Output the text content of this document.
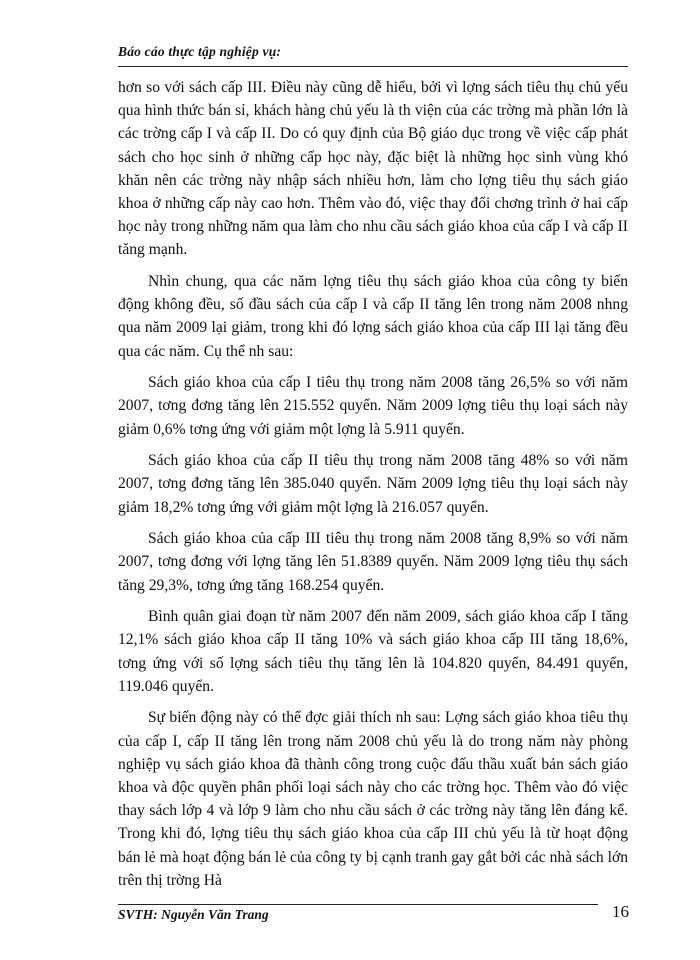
Báo cáo thực tập nghiệp vụ:

hơn so với sách cấp III. Điều này cũng dễ hiểu, bởi vì lợng sách tiêu thụ chủ yếu qua hình thức bán sỉ, khách hàng chủ yếu là th viện của các trờng mà phần lớn là các trờng cấp I và cấp II. Do có quy định của Bộ giáo dục trong về việc cấp phát sách cho học sinh ở những cấp học này, đặc biệt là những học sinh vùng khó khăn nên các trờng này nhập sách nhiều hơn, làm cho lợng tiêu thụ sách giáo khoa ở những cấp này cao hơn. Thêm vào đó, việc thay đổi chơng trình ở hai cấp học này trong những năm qua làm cho nhu cầu sách giáo khoa của cấp I và cấp II tăng mạnh.

Nhìn chung, qua các năm lợng tiêu thụ sách giáo khoa của công ty biến động không đều, số đầu sách của cấp I và cấp II tăng lên trong năm 2008 nhng qua năm 2009 lại giảm, trong khi đó lợng sách giáo khoa của cấp III lại tăng đều qua các năm. Cụ thể nh sau:

Sách giáo khoa của cấp I tiêu thụ trong năm 2008 tăng 26,5% so với năm 2007, tơng đơng tăng lên 215.552 quyển. Năm 2009 lợng tiêu thụ loại sách này giảm 0,6% tơng ứng với giảm một lợng là 5.911 quyển.

Sách giáo khoa của cấp II tiêu thụ trong năm 2008 tăng 48% so với năm 2007, tơng đơng tăng lên 385.040 quyển. Năm 2009 lợng tiêu thụ loại sách này giảm 18,2% tơng ứng với giảm một lợng là 216.057 quyển.

Sách giáo khoa của cấp III tiêu thụ trong năm 2008 tăng 8,9% so với năm 2007, tơng đơng với lợng tăng lên 51.8389 quyển. Năm 2009 lợng tiêu thụ sách tăng 29,3%, tơng ứng tăng 168.254 quyển.

Bình quân giai đoạn từ năm 2007 đến năm 2009, sách giáo khoa cấp I tăng 12,1% sách giáo khoa cấp II tăng 10% và sách giáo khoa cấp III tăng 18,6%, tơng ứng với số lợng sách tiêu thụ tăng lên là 104.820 quyển, 84.491 quyển, 119.046 quyển.

Sự biến động này có thể đợc giải thích nh sau: Lợng sách giáo khoa tiêu thụ của cấp I, cấp II tăng lên trong năm 2008 chủ yếu là do trong năm này phòng nghiệp vụ sách giáo khoa đã thành công trong cuộc đấu thầu xuất bản sách giáo khoa và độc quyền phân phối loại sách này cho các trờng học. Thêm vào đó việc thay sách lớp 4 và lớp 9 làm cho nhu cầu sách ở các trờng này tăng lên đáng kể. Trong khi đó, lợng tiêu thụ sách giáo khoa của cấp III chủ yếu là từ hoạt động bán lẻ mà hoạt động bán lẻ của công ty bị cạnh tranh gay gắt bởi các nhà sách lớn trên thị trờng Hà

SVTH: Nguyễn Văn Trang	16
